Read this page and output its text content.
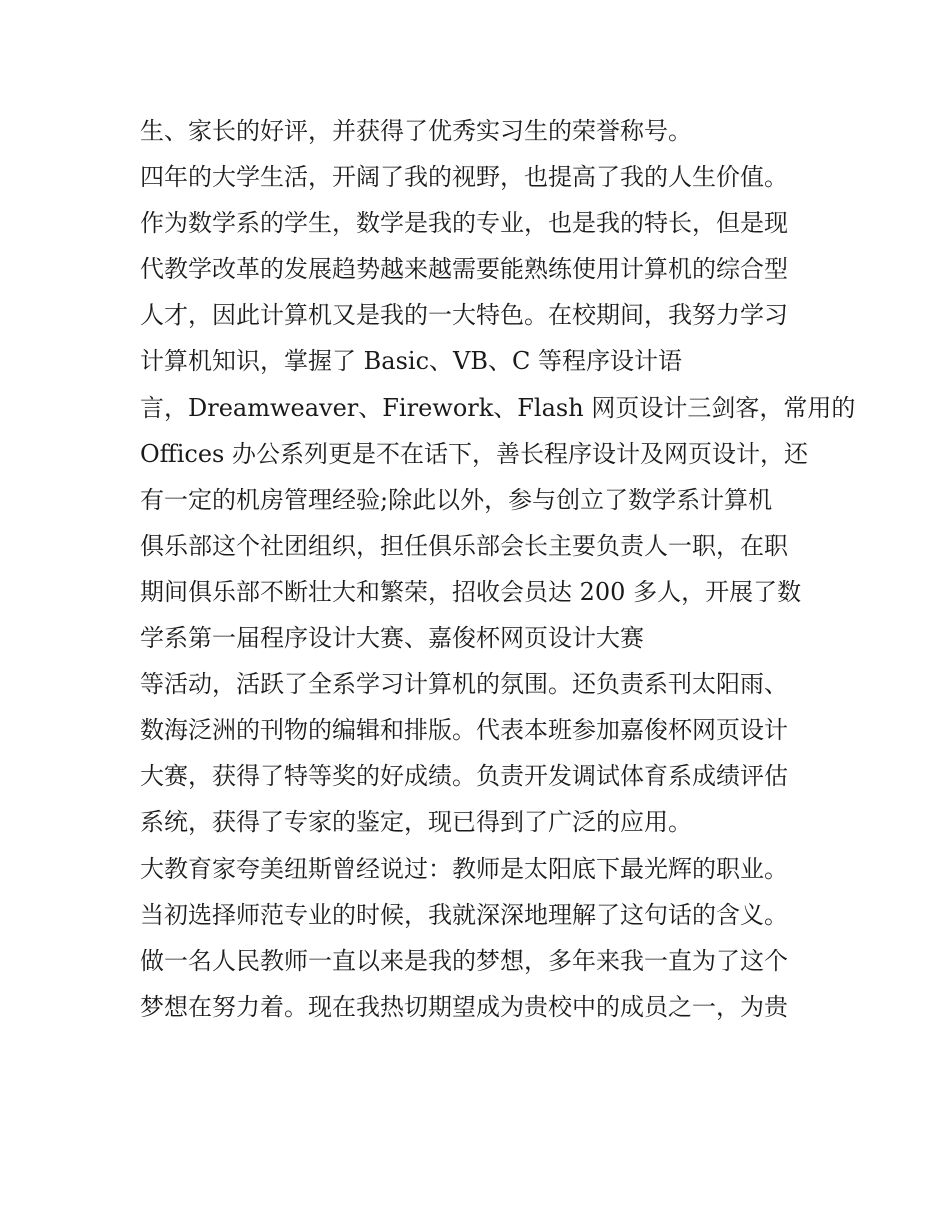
生、家长的好评，并获得了优秀实习生的荣誉称号。
四年的大学生活，开阔了我的视野，也提高了我的人生价值。
作为数学系的学生，数学是我的专业，也是我的特长，但是现
代教学改革的发展趋势越来越需要能熟练使用计算机的综合型
人才，因此计算机又是我的一大特色。在校期间，我努力学习
计算机知识，掌握了 Basic、VB、C 等程序设计语
言，Dreamweaver、Firework、Flash 网页设计三剑客，常用的
Offices 办公系列更是不在话下，善长程序设计及网页设计，还
有一定的机房管理经验;除此以外，参与创立了数学系计算机
俱乐部这个社团组织，担任俱乐部会长主要负责人一职，在职
期间俱乐部不断壮大和繁荣，招收会员达 200 多人，开展了数
学系第一届程序设计大赛、嘉俊杯网页设计大赛
等活动，活跃了全系学习计算机的氛围。还负责系刊太阳雨、
数海泛洲的刊物的编辑和排版。代表本班参加嘉俊杯网页设计
大赛，获得了特等奖的好成绩。负责开发调试体育系成绩评估
系统，获得了专家的鉴定，现已得到了广泛的应用。
大教育家夸美纽斯曾经说过：教师是太阳底下最光辉的职业。
当初选择师范专业的时候，我就深深地理解了这句话的含义。
做一名人民教师一直以来是我的梦想，多年来我一直为了这个
梦想在努力着。现在我热切期望成为贵校中的成员之一，为贵
